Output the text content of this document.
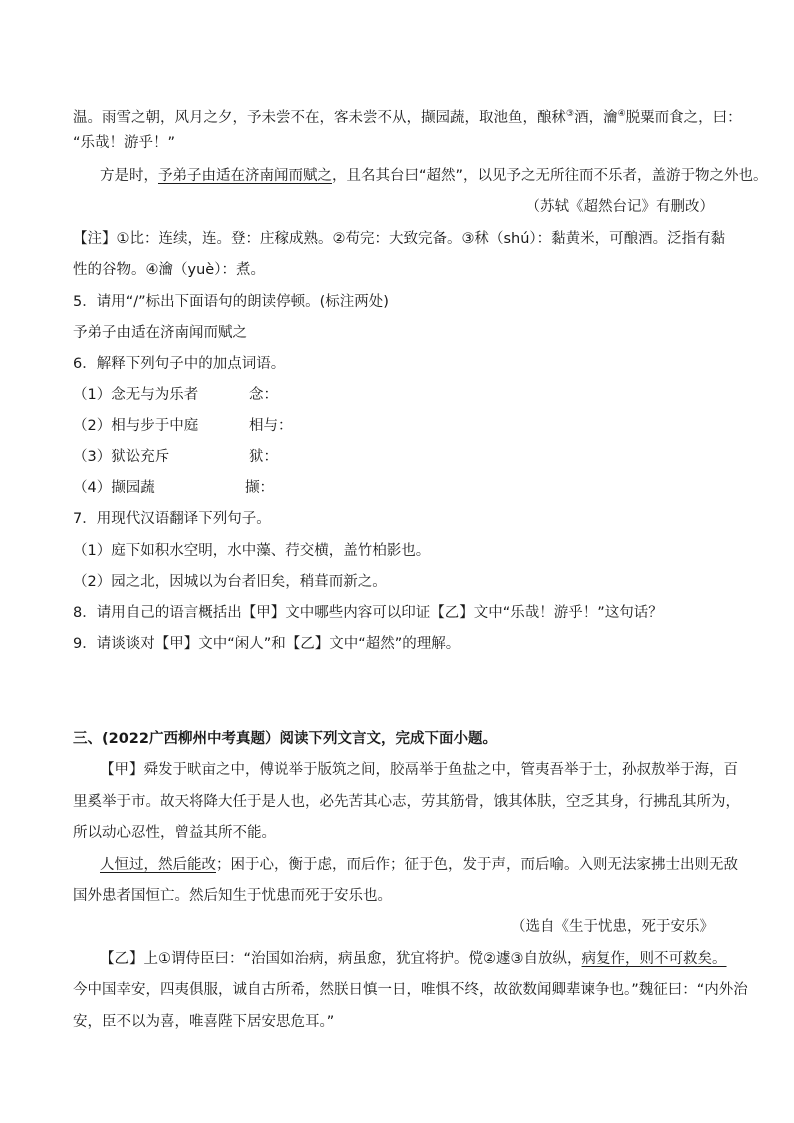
温。雨雪之朝，风月之夕，予未尝不在，客未尝不从，撷园蔬，取池鱼，酿秫③酒，瀹④脱粟而食之，曰：
“乐哉！游乎！”
方是时，予弟子由适在济南闻而赋之，且名其台曰“超然”，以见予之无所往而不乐者，盖游于物之外也。
（苏轼《超然台记》有删改）
【注】①比：连续，连。登：庄稼成熟。②苟完：大致完备。③秫（shú）：黏黄米，可酿酒。泛指有黏
性的谷物。④瀹（yuè）：煮。
5．请用“/”标出下面语句的朗读停顿。(标注两处)
予弟子由适在济南闻而赋之
6．解释下列句子中的加点词语。
（1）念无与为乐者	念：
（2）相与步于中庭	相与：
（3）狱讼充斥	狱：
（4）撷园蔬	撷：
7．用现代汉语翻译下列句子。
（1）庭下如积水空明，水中藻、荇交横，盖竹柏影也。
（2）园之北，因城以为台者旧矣，稍葺而新之。
8．请用自己的语言概括出【甲】文中哪些内容可以印证【乙】文中“乐哉！游乎！”这句话？
9．请谈谈对【甲】文中“闲人”和【乙】文中“超然”的理解。
三、(2022广西柳州中考真题）阅读下列文言文，完成下面小题。
【甲】舜发于畎亩之中，傅说举于版筑之间，胶鬲举于鱼盐之中，管夷吾举于士，孙叔敖举于海，百
里奚举于市。故天将降大任于是人也，必先苦其心志，劳其筋骨，饿其体肤，空乏其身，行拂乱其所为，
所以动心忍性，曾益其所不能。
人恒过，然后能改；困于心，衡于虑，而后作；征于色，发于声，而后喻。入则无法家拂士出则无敌
国外患者国恒亡。然后知生于忧患而死于安乐也。
（选自《生于忧患，死于安乐》
【乙】上①谓侍臣曰：“治国如治病，病虽愈，犹宜将护。傥②遽③自放纵，病复作，则不可救矣。
今中国幸安，四夷俱服，诚自古所希，然朕日慎一日，唯惧不终，故欲数闻卿辈谏争也。”魏征曰：“内外治
安，臣不以为喜，唯喜陛下居安思危耳。”
